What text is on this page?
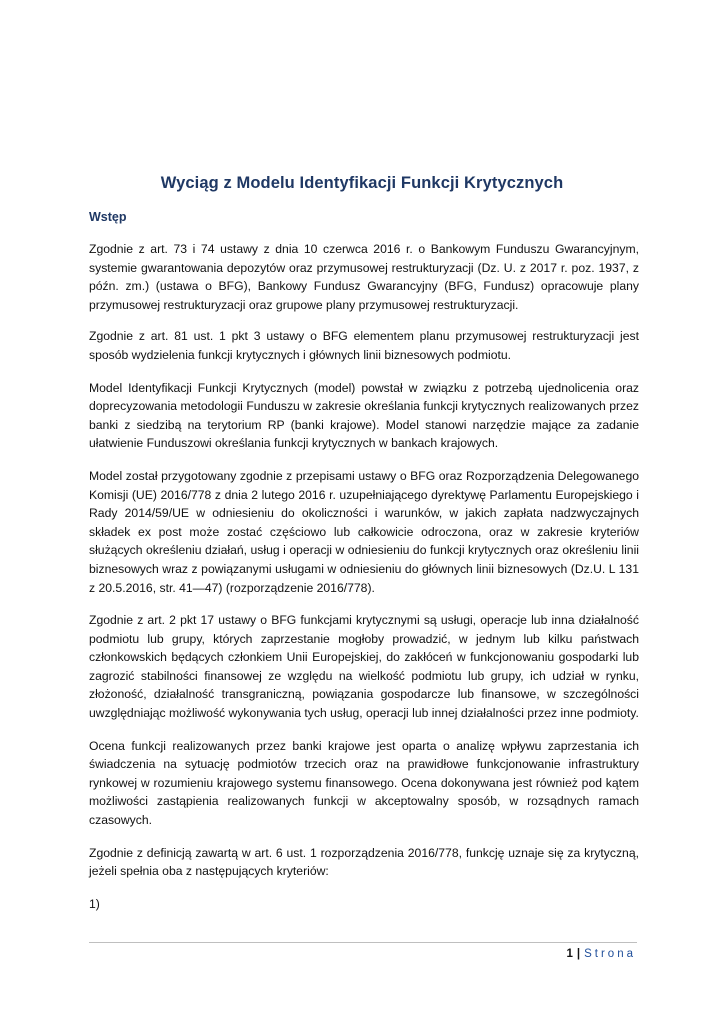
Wyciąg z Modelu Identyfikacji Funkcji Krytycznych
Wstęp

Zgodnie z art. 73 i 74 ustawy z dnia 10 czerwca 2016 r. o Bankowym Funduszu Gwarancyjnym, systemie gwarantowania depozytów oraz przymusowej restrukturyzacji (Dz. U. z 2017 r. poz. 1937, z późn. zm.) (ustawa o BFG), Bankowy Fundusz Gwarancyjny (BFG, Fundusz) opracowuje plany przymusowej restrukturyzacji oraz grupowe plany przymusowej restrukturyzacji.

Zgodnie z art. 81 ust. 1 pkt 3 ustawy o BFG elementem planu przymusowej restrukturyzacji jest sposób wydzielenia funkcji krytycznych i głównych linii biznesowych podmiotu.

Model Identyfikacji Funkcji Krytycznych (model) powstał w związku z potrzebą ujednolicenia oraz doprecyzowania metodologii Funduszu w zakresie określania funkcji krytycznych realizowanych przez banki z siedzibą na terytorium RP (banki krajowe). Model stanowi narzędzie mające za zadanie ułatwienie Funduszowi określania funkcji krytycznych w bankach krajowych.

Model został przygotowany zgodnie z przepisami ustawy o BFG oraz Rozporządzenia Delegowanego Komisji (UE) 2016/778 z dnia 2 lutego 2016 r. uzupełniającego dyrektywę Parlamentu Europejskiego i Rady 2014/59/UE w odniesieniu do okoliczności i warunków, w jakich zapłata nadzwyczajnych składek ex post może zostać częściowo lub całkowicie odroczona, oraz w zakresie kryteriów służących określeniu działań, usług i operacji w odniesieniu do funkcji krytycznych oraz określeniu linii biznesowych wraz z powiązanymi usługami w odniesieniu do głównych linii biznesowych (Dz.U. L 131 z 20.5.2016, str. 41—47) (rozporządzenie 2016/778).

Zgodnie z art. 2 pkt 17 ustawy o BFG funkcjami krytycznymi są usługi, operacje lub inna działalność podmiotu lub grupy, których zaprzestanie mogłoby prowadzić, w jednym lub kilku państwach członkowskich będących członkiem Unii Europejskiej, do zakłóceń w funkcjonowaniu gospodarki lub zagrozić stabilności finansowej ze względu na wielkość podmiotu lub grupy, ich udział w rynku, złożoność, działalność transgraniczną, powiązania gospodarcze lub finansowe, w szczególności uwzględniając możliwość wykonywania tych usług, operacji lub innej działalności przez inne podmioty.

Ocena funkcji realizowanych przez banki krajowe jest oparta o analizę wpływu zaprzestania ich świadczenia na sytuację podmiotów trzecich oraz na prawidłowe funkcjonowanie infrastruktury rynkowej w rozumieniu krajowego systemu finansowego. Ocena dokonywana jest również pod kątem możliwości zastąpienia realizowanych funkcji w akceptowalny sposób, w rozsądnych ramach czasowych.

Zgodnie z definicją zawartą w art. 6 ust. 1 rozporządzenia 2016/778, funkcję uznaje się za krytyczną, jeżeli spełnia oba z następujących kryteriów:

1)

1 | Strona
